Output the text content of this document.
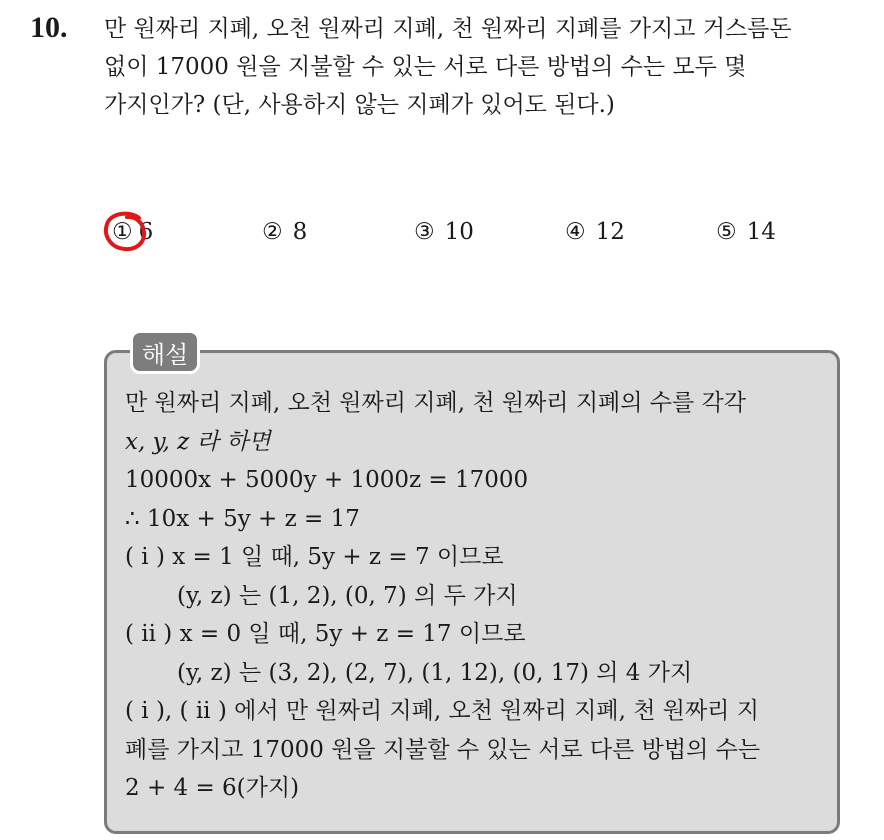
10. 만 원짜리 지폐, 오천 원짜리 지폐, 천 원짜리 지폐를 가지고 거스름돈
없이 17000 원을 지불할 수 있는 서로 다른 방법의 수는 모두 몇
가지인가? (단, 사용하지 않는 지폐가 있어도 된다.)
① 6	② 8	③ 10	④ 12	⑤ 14
해설
만 원짜리 지폐, 오천 원짜리 지폐, 천 원짜리 지폐의 수를 각각
x, y, z 라 하면
10000x + 5000y + 1000z = 17000
∴ 10x + 5y + z = 17
( i ) x = 1 일 때, 5y + z = 7 이므로
(y, z) 는 (1, 2), (0, 7) 의 두 가지
( ii ) x = 0 일 때, 5y + z = 17 이므로
(y, z) 는 (3, 2), (2, 7), (1, 12), (0, 17) 의 4 가지
( i ), ( ii ) 에서 만 원짜리 지폐, 오천 원짜리 지폐, 천 원짜리 지
폐를 가지고 17000 원을 지불할 수 있는 서로 다른 방법의 수는
2 + 4 = 6(가지)
